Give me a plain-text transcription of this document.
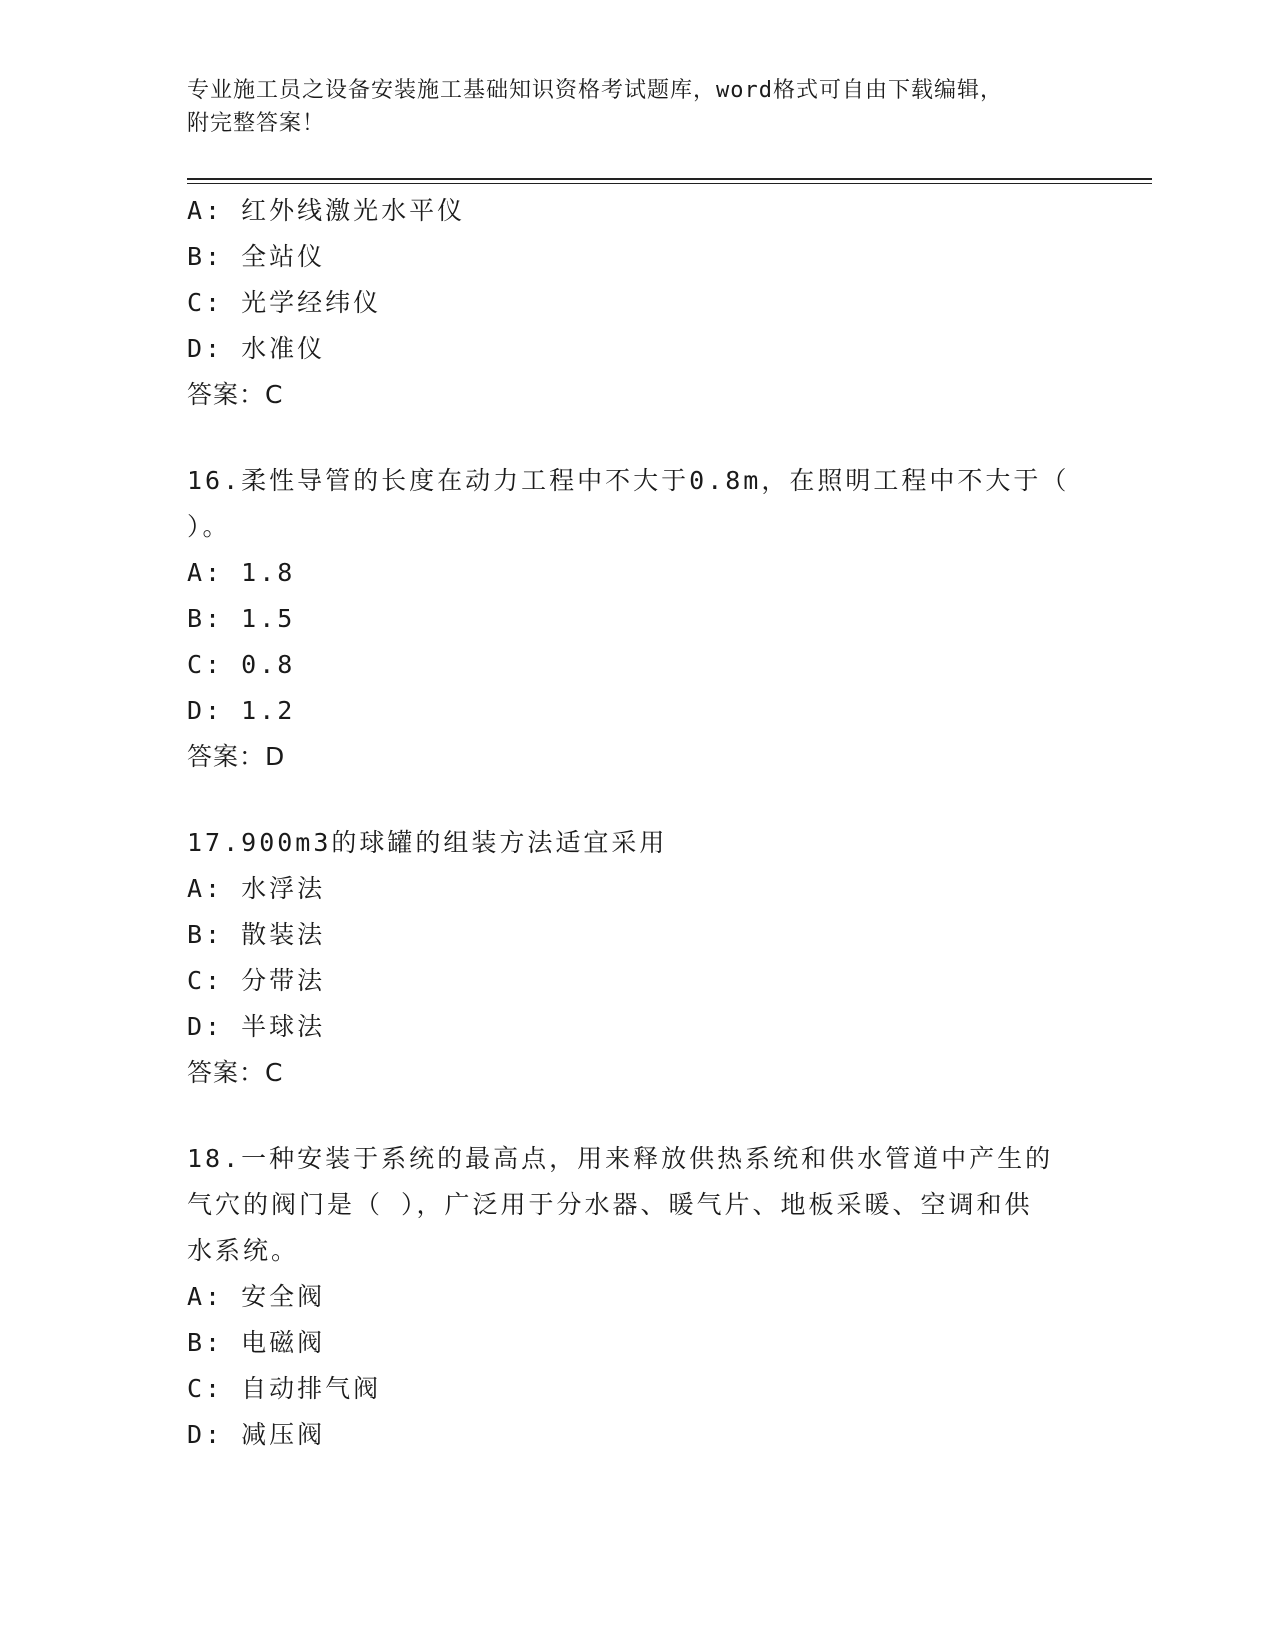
专业施工员之设备安装施工基础知识资格考试题库，word格式可自由下载编辑，
附完整答案！
A: 红外线激光水平仪
B: 全站仪
C: 光学经纬仪
D: 水准仪
答案：C
16.柔性导管的长度在动力工程中不大于0.8m，在照明工程中不大于（
）。
A: 1.8
B: 1.5
C: 0.8
D: 1.2
答案：D
17.900m3的球罐的组装方法适宜采用
A: 水浮法
B: 散装法
C: 分带法
D: 半球法
答案：C
18.一种安装于系统的最高点，用来释放供热系统和供水管道中产生的
气穴的阀门是（ ），广泛用于分水器、暖气片、地板采暖、空调和供
水系统。
A: 安全阀
B: 电磁阀
C: 自动排气阀
D: 减压阀
